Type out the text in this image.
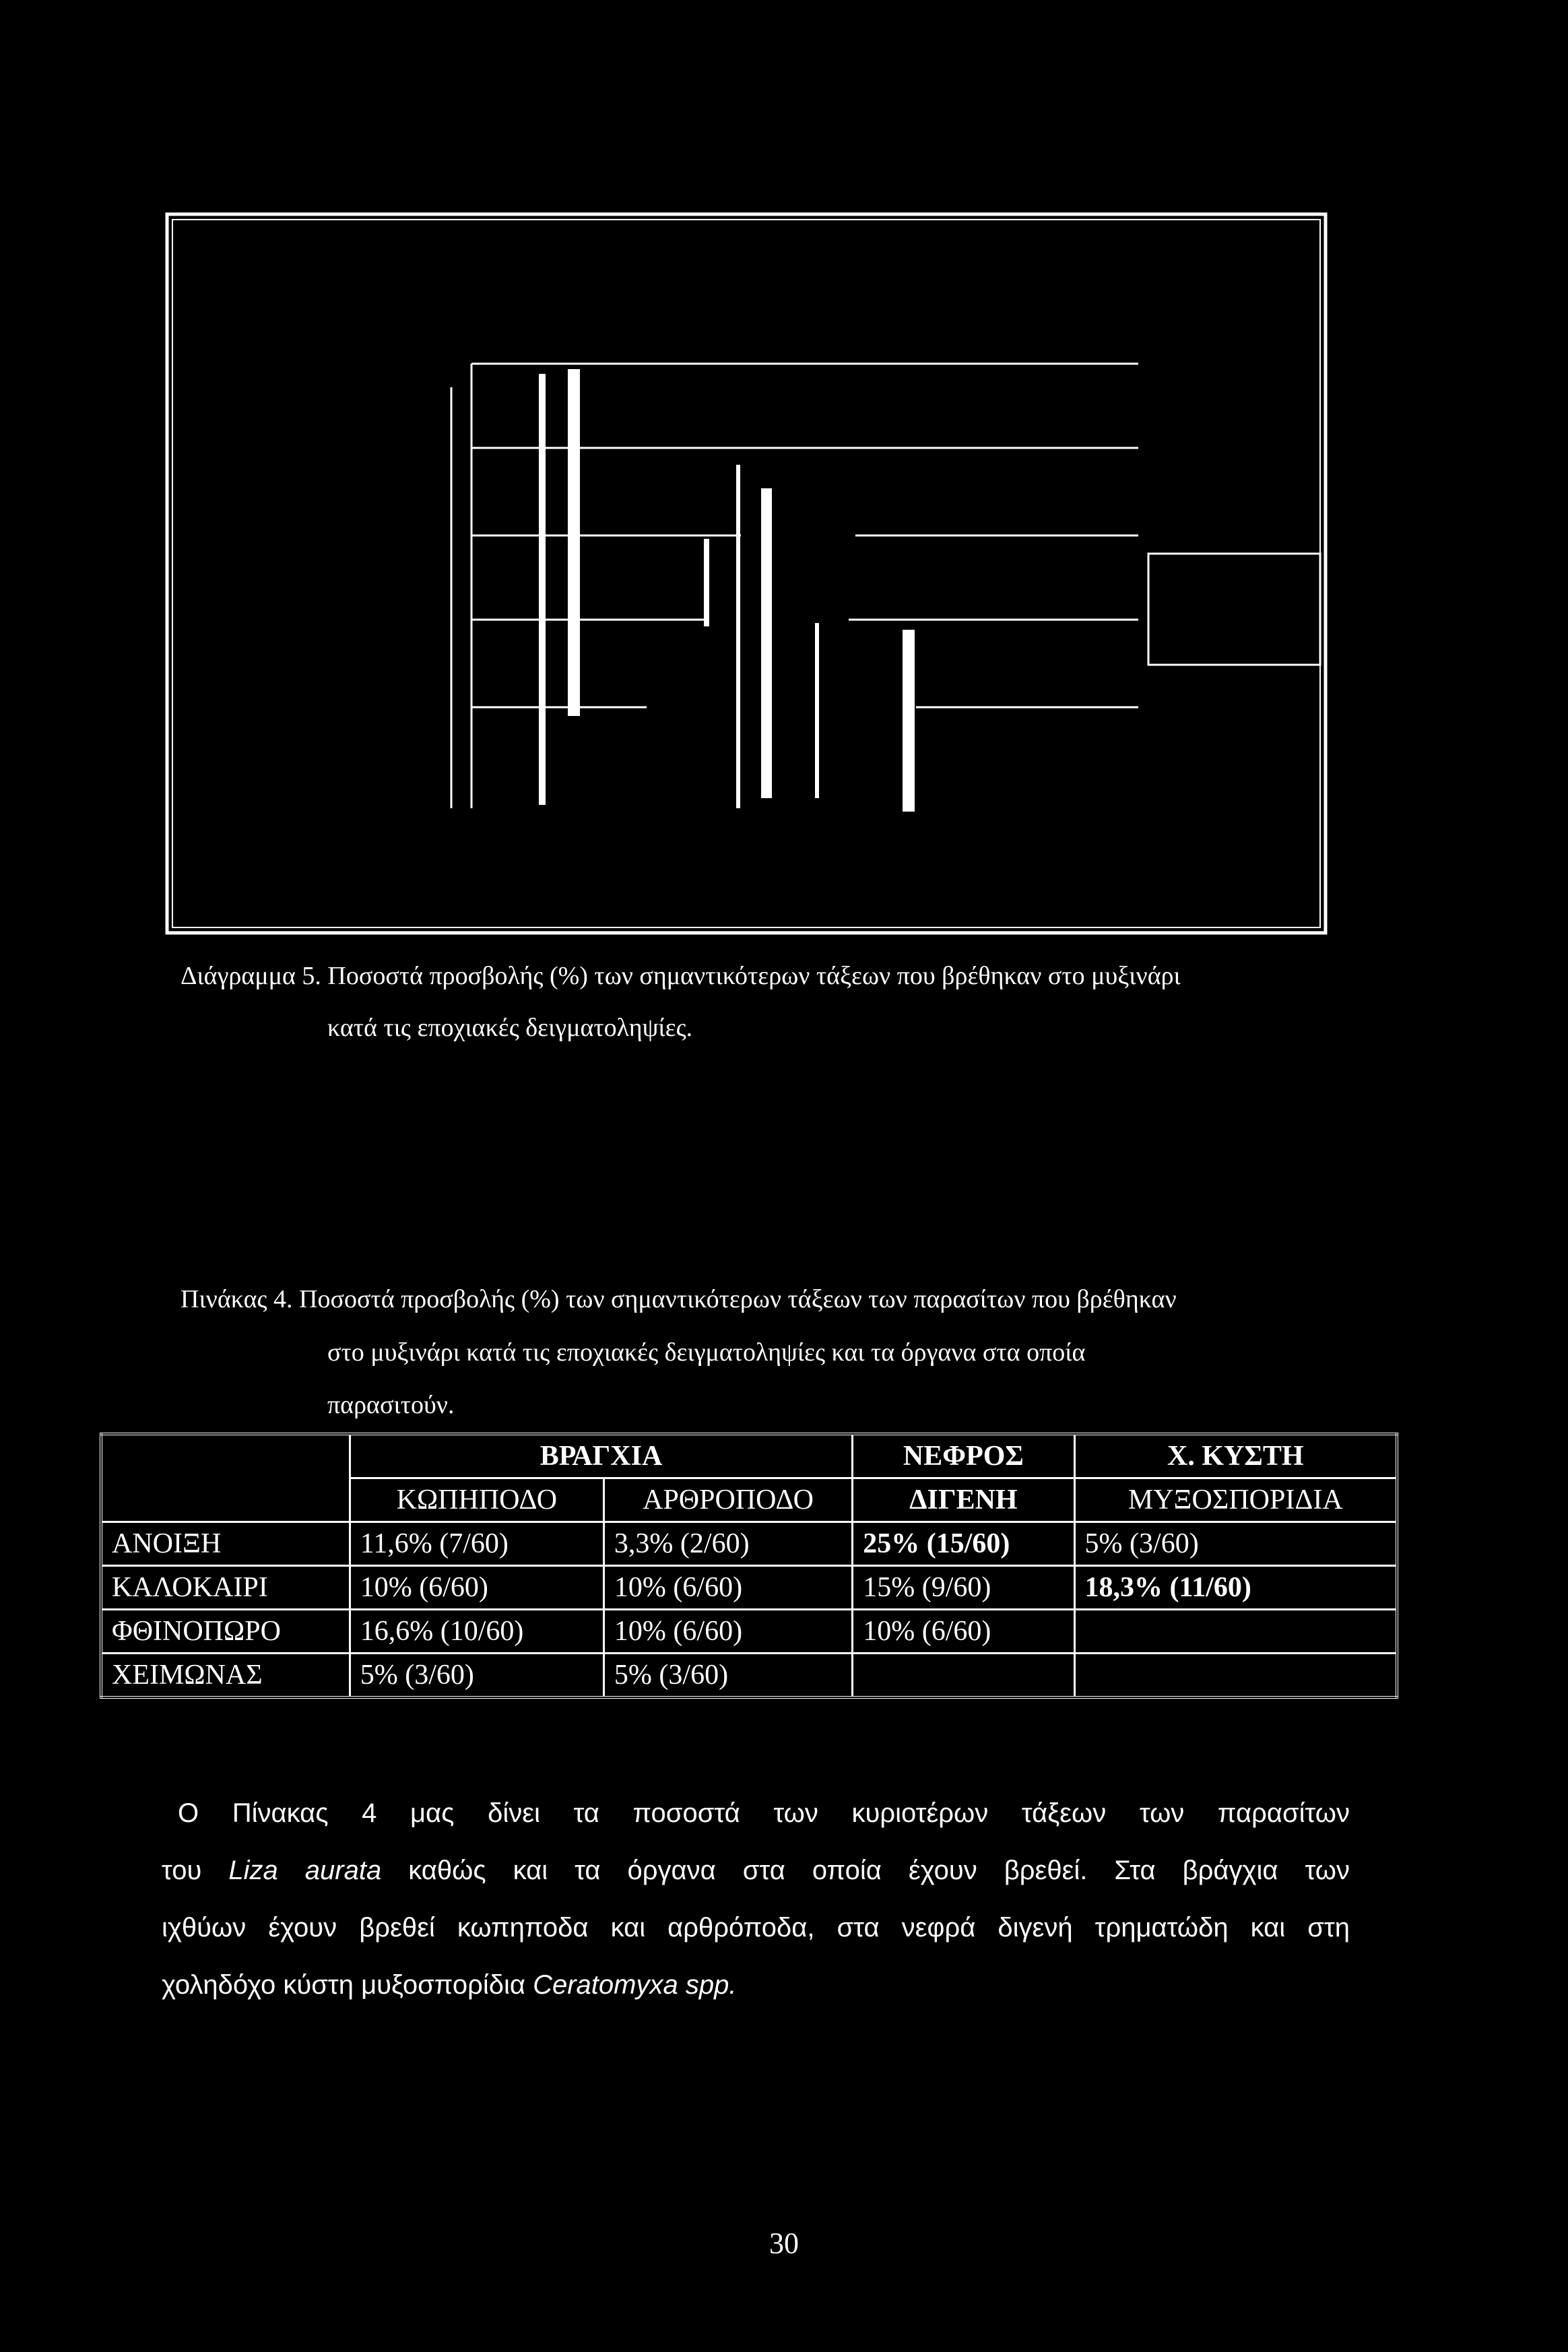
Διάγραμμα 5. Ποσοστά προσβολής (%) των σημαντικότερων τάξεων που βρέθηκαν στο μυξινάρι
κατά τις εποχιακές δειγματοληψίες.
Πινάκας 4. Ποσοστά προσβολής (%) των σημαντικότερων τάξεων των παρασίτων που βρέθηκαν
στο μυξινάρι κατά τις εποχιακές δειγματοληψίες και τα όργανα στα οποία
παρασιτούν.
	ΒΡΑΓΧΙΑ		ΝΕΦΡΟΣ	Χ. ΚΥΣΤΗ
	ΚΩΠΗΠΟΔΟ	ΑΡΘΡΟΠΟΔΟ	ΔΙΓΕΝΗ	ΜΥΞΟΣΠΟΡΙΔΙΑ
ΑΝΟΙΞΗ	11,6% (7/60)	3,3% (2/60)	25% (15/60)	5% (3/60)
ΚΑΛΟΚΑΙΡΙ	10% (6/60)	10% (6/60)	15% (9/60)	18,3% (11/60)
ΦΘΙΝΟΠΩΡΟ	16,6% (10/60)	10% (6/60)	10% (6/60)	
ΧΕΙΜΩΝΑΣ	5% (3/60)	5% (3/60)		
Ο Πίνακας 4 μας δίνει τα ποσοστά των κυριοτέρων τάξεων των παρασίτων
του Liza aurata καθώς και τα όργανα στα οποία έχουν βρεθεί. Στα βράγχια των
ιχθύων έχουν βρεθεί κωπηποδα και αρθρόποδα, στα νεφρά διγενή τρηματώδη και στη
χοληδόχο κύστη μυξοσπορίδια Ceratomyxa spp.
30
